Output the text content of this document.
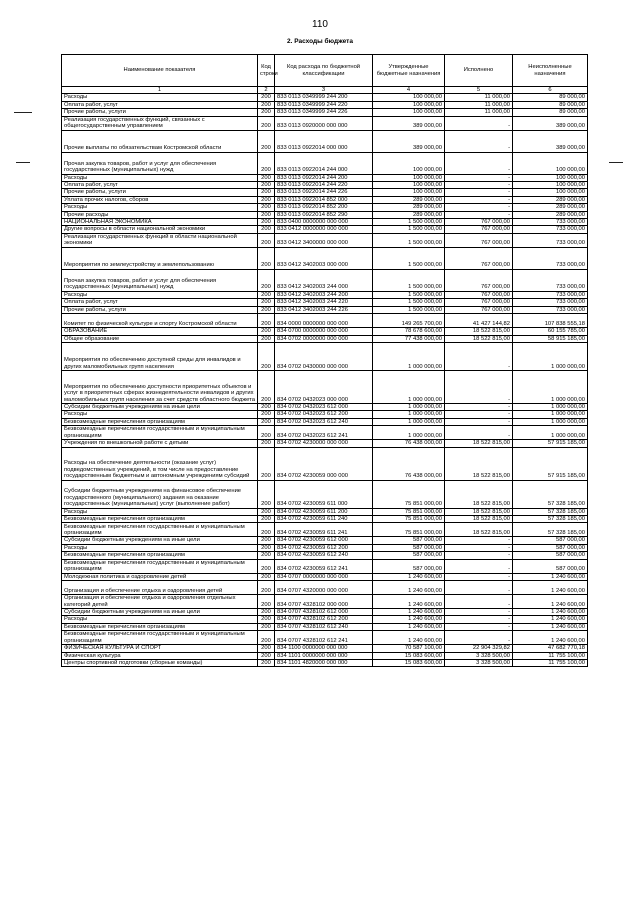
110
2. Расходы бюджета
Наименование показателя	Код строки	Код расхода по бюджетной классификации	Утвержденные бюджетные назначения	Исполнено	Неисполненные назначения
1	2	3	4	5	6
Расходы	200	833 0113 0349999 244 200	100 000,00	11 000,00	89 000,00
Оплата работ, услуг	200	833 0113 0349999 244 220	100 000,00	11 000,00	89 000,00
Прочие работы, услуги	200	833 0113 0349999 244 226	100 000,00	11 000,00	89 000,00
Реализация государственных функций, связанных с общегосударственным управлением	200	833 0113 0920000 000 000	389 000,00	-	389 000,00
Прочие выплаты по обязательствам Костромской области	200	833 0113 0922014 000 000	389 000,00	-	389 000,00
Прочая закупка товаров, работ и услуг для обеспечения государственных (муниципальных) нужд	200	833 0113 0922014 244 000	100 000,00	-	100 000,00
Расходы	200	833 0113 0922014 244 200	100 000,00	-	100 000,00
Оплата работ, услуг	200	833 0113 0922014 244 220	100 000,00	-	100 000,00
Прочие работы, услуги	200	833 0113 0922014 244 226	100 000,00	-	100 000,00
Уплата прочих налогов, сборов	200	833 0113 0922014 852 000	289 000,00	-	289 000,00
Расходы	200	833 0113 0922014 852 200	289 000,00	-	289 000,00
Прочие расходы	200	833 0113 0922014 852 290	289 000,00	-	289 000,00
НАЦИОНАЛЬНАЯ ЭКОНОМИКА	200	833 0400 0000000 000 000	1 500 000,00	767 000,00	733 000,00
Другие вопросы в области национальной экономики	200	833 0412 0000000 000 000	1 500 000,00	767 000,00	733 000,00
Реализация государственных функций в области национальной экономики	200	833 0412 3400000 000 000	1 500 000,00	767 000,00	733 000,00
Мероприятия по землеустройству и землепользованию	200	833 0412 3402003 000 000	1 500 000,00	767 000,00	733 000,00
Прочая закупка товаров, работ и услуг для обеспечения государственных (муниципальных) нужд	200	833 0412 3402003 244 000	1 500 000,00	767 000,00	733 000,00
Расходы	200	833 0412 3402003 244 200	1 500 000,00	767 000,00	733 000,00
Оплата работ, услуг	200	833 0412 3402003 244 220	1 500 000,00	767 000,00	733 000,00
Прочие работы, услуги	200	833 0412 3402003 244 226	1 500 000,00	767 000,00	733 000,00
Комитет по физической культуре и спорту Костромской области	200	834 0000 0000000 000 000	149 265 700,00	41 427 144,82	107 838 555,18
ОБРАЗОВАНИЕ	200	834 0700 0000000 000 000	78 678 600,00	18 522 815,00	60 155 785,00
Общее образование	200	834 0702 0000000 000 000	77 438 000,00	18 522 815,00	58 915 185,00
Мероприятия по обеспечению доступной среды для инвалидов и других маломобильных групп населения	200	834 0702 0430000 000 000	1 000 000,00	-	1 000 000,00
Мероприятия по обеспечению доступности приоритетных объектов и услуг в приоритетных сферах жизнедеятельности инвалидов и других маломобильных групп населения за счет средств областного бюджета	200	834 0702 0432023 000 000	1 000 000,00	-	1 000 000,00
Субсидии бюджетным учреждениям на иные цели	200	834 0702 0432023 612 000	1 000 000,00	-	1 000 000,00
Расходы	200	834 0702 0432023 612 200	1 000 000,00	-	1 000 000,00
Безвозмездные перечисления организациям	200	834 0702 0432023 612 240	1 000 000,00	-	1 000 000,00
Безвозмездные перечисления государственным и муниципальным организациям	200	834 0702 0432023 612 241	1 000 000,00	-	1 000 000,00
Учреждения по внешкольной работе с детьми	200	834 0702 4230000 000 000	76 438 000,00	18 522 815,00	57 915 185,00
Расходы на обеспечение деятельности (оказание услуг) подведомственных учреждений, в том числе на предоставление государственным бюджетным и автономным учреждениям субсидий	200	834 0702 4230059 000 000	76 438 000,00	18 522 815,00	57 915 185,00
Субсидии бюджетным учреждениям на финансовое обеспечение государственного (муниципального) задания на оказание государственных (муниципальных) услуг (выполнение работ)	200	834 0702 4230059 611 000	75 851 000,00	18 522 815,00	57 328 185,00
Расходы	200	834 0702 4230059 611 200	75 851 000,00	18 522 815,00	57 328 185,00
Безвозмездные перечисления организациям	200	834 0702 4230059 611 240	75 851 000,00	18 522 815,00	57 328 185,00
Безвозмездные перечисления государственным и муниципальным организациям	200	834 0702 4230059 611 241	75 851 000,00	18 522 815,00	57 328 185,00
Субсидии бюджетным учреждениям на иные цели	200	834 0702 4230059 612 000	587 000,00	-	587 000,00
Расходы	200	834 0702 4230059 612 200	587 000,00	-	587 000,00
Безвозмездные перечисления организациям	200	834 0702 4230059 612 240	587 000,00	-	587 000,00
Безвозмездные перечисления государственным и муниципальным организациям	200	834 0702 4230059 612 241	587 000,00	-	587 000,00
Молодежная политика и оздоровление детей	200	834 0707 0000000 000 000	1 240 600,00	-	1 240 600,00
Организация и обеспечение отдыха и оздоровления детей	200	834 0707 4320000 000 000	1 240 600,00	-	1 240 600,00
Организация и обеспечение отдыха и оздоровления отдельных категорий детей	200	834 0707 4328102 000 000	1 240 600,00	-	1 240 600,00
Субсидии бюджетным учреждениям на иные цели	200	834 0707 4328102 612 000	1 240 600,00	-	1 240 600,00
Расходы	200	834 0707 4328102 612 200	1 240 600,00	-	1 240 600,00
Безвозмездные перечисления организациям	200	834 0707 4328102 612 240	1 240 600,00	-	1 240 600,00
Безвозмездные перечисления государственным и муниципальным организациям	200	834 0707 4328102 612 241	1 240 600,00	-	1 240 600,00
ФИЗИЧЕСКАЯ КУЛЬТУРА И СПОРТ	200	834 1100 0000000 000 000	70 587 100,00	22 904 329,82	47 682 770,18
Физическая культура	200	834 1101 0000000 000 000	15 083 600,00	3 328 500,00	11 755 100,00
Центры спортивной подготовки (сборные команды)	200	834 1101 4820000 000 000	15 083 600,00	3 328 500,00	11 755 100,00
